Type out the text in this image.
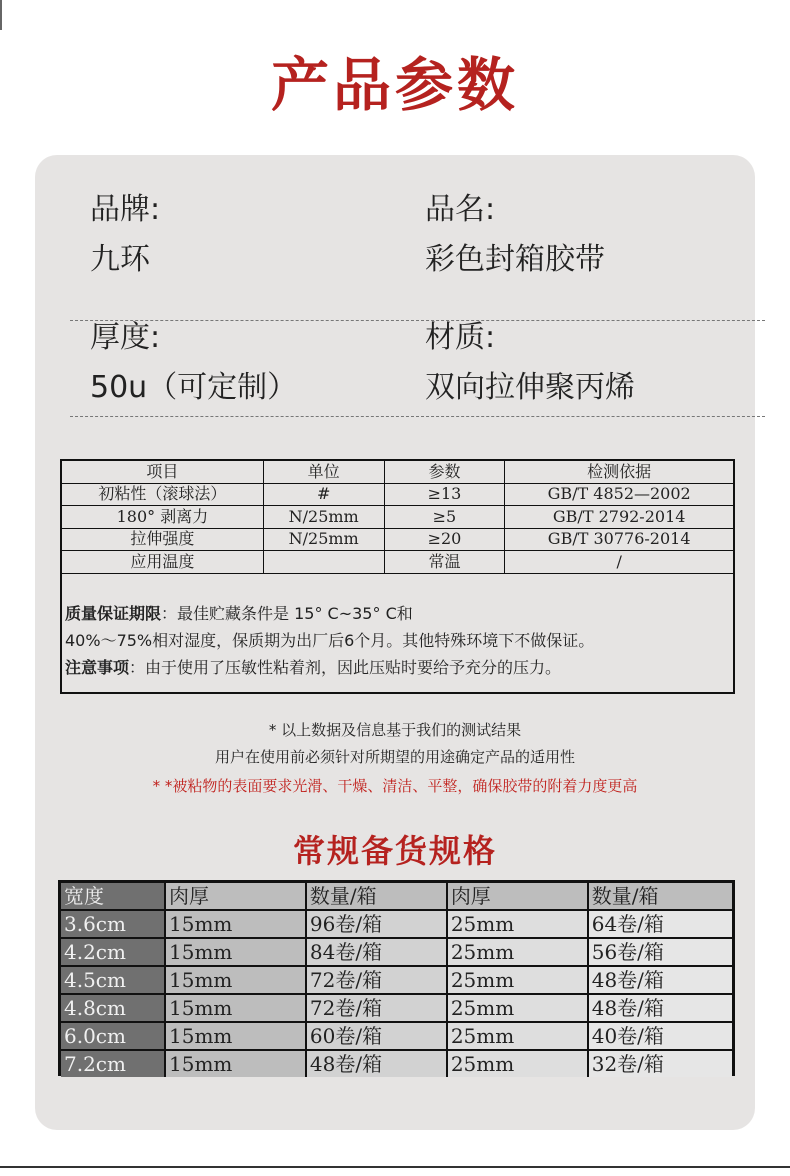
产品参数
品牌:
九环
品名:
彩色封箱胶带
厚度:
50u（可定制）
材质:
双向拉伸聚丙烯
项目	单位	参数	检测依据
初粘性（滚球法）	#	≥13	GB/T 4852—2002
180° 剥离力	N/25mm	≥5	GB/T 2792-2014
拉伸强度	N/25mm	≥20	GB/T 30776-2014
应用温度		常温	/
质量保证期限：最佳贮藏条件是 15° C~35° C和
40%～75%相对湿度，保质期为出厂后6个月。其他特殊环境下不做保证。
注意事项：由于使用了压敏性粘着剂，因此压贴时要给予充分的压力。
* 以上数据及信息基于我们的测试结果
用户在使用前必须针对所期望的用途确定产品的适用性
* *被粘物的表面要求光滑、干燥、清洁、平整，确保胶带的附着力度更高
常规备货规格
宽度	肉厚	数量/箱	肉厚	数量/箱
3.6cm	15mm	96卷/箱	25mm	64卷/箱
4.2cm	15mm	84卷/箱	25mm	56卷/箱
4.5cm	15mm	72卷/箱	25mm	48卷/箱
4.8cm	15mm	72卷/箱	25mm	48卷/箱
6.0cm	15mm	60卷/箱	25mm	40卷/箱
7.2cm	15mm	48卷/箱	25mm	32卷/箱
